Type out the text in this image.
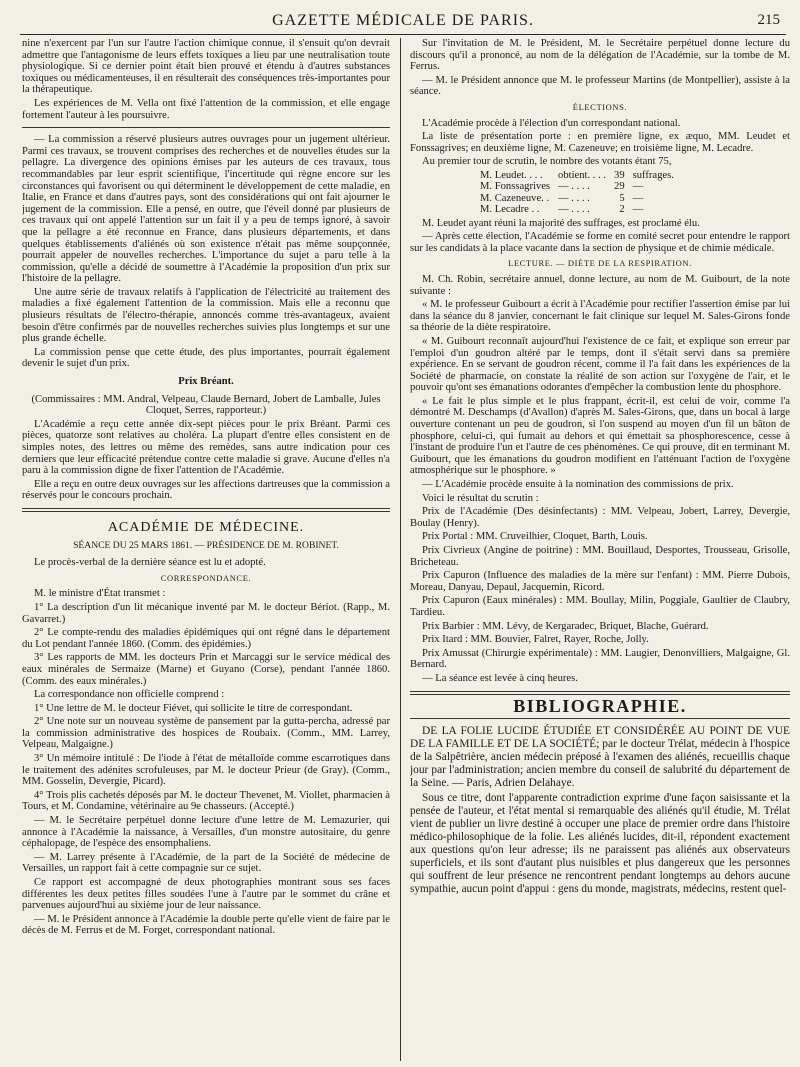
GAZETTE MÉDICALE DE PARIS.	215

nine n'exercent par l'un sur l'autre l'action chimique connue, il s'ensuit qu'on devrait admettre que l'antagonisme de leurs effets toxiques a lieu par une neutralisation toute physiologique. Si ce dernier point était bien prouvé et étendu à d'autres substances toxiques ou médicamenteuses, il en résulterait des conséquences très-importantes pour la thérapeutique.

Les expériences de M. Vella ont fixé l'attention de la commission, et elle engage fortement l'auteur à les poursuivre.

— La commission a réservé plusieurs autres ouvrages pour un jugement ultérieur. Parmi ces travaux, se trouvent comprises des recherches et de nouvelles études sur la pellagre. La divergence des opinions émises par les auteurs de ces travaux, tous recommandables par leur esprit scientifique, l'incertitude qui règne encore sur les circonstances qui favorisent ou qui déterminent le développement de cette maladie, en Italie, en France et dans d'autres pays, sont des considérations qui ont fait ajourner le jugement de la commission. Elle a pensé, en outre, que l'éveil donné par plusieurs de ces travaux qui ont appelé l'attention sur un fait il y a peu de temps ignoré, à savoir que la pellagre a été reconnue en France, dans plusieurs départements, et dans quelques établissements d'aliénés où son existence n'était pas même soupçonnée, pourrait appeler de nouvelles recherches. L'importance du sujet a paru telle à la commission, qu'elle a décidé de soumettre à l'Académie la proposition d'un prix sur l'histoire de la pellagre.

Une autre série de travaux relatifs à l'application de l'électricité au traitement des maladies a fixé également l'attention de la commission. Mais elle a reconnu que plusieurs résultats de l'électro-thérapie, annoncés comme très-avantageux, avaient besoin d'être confirmés par de nouvelles recherches suivies plus longtemps et sur une plus grande échelle.

La commission pense que cette étude, des plus importantes, pourrait également devenir le sujet d'un prix.

Prix Bréant.

(Commissaires : MM. Andral, Velpeau, Claude Bernard, Jobert de Lamballe, Jules Cloquet, Serres, rapporteur.)

L'Académie a reçu cette année dix-sept pièces pour le prix Bréant. Parmi ces pièces, quatorze sont relatives au choléra. La plupart d'entre elles consistent en de simples notes, des lettres ou même des remèdes, sans autre indication pour ces derniers que leur efficacité prétendue contre cette maladie si grave. Aucune d'elles n'a paru à la commission digne de fixer l'attention de l'Académie.

Elle a reçu en outre deux ouvrages sur les affections dartreuses que la commission a réservés pour le concours prochain.

ACADÉMIE DE MÉDECINE.
SÉANCE DU 25 MARS 1861. — PRÉSIDENCE DE M. ROBINET.

Le procès-verbal de la dernière séance est lu et adopté.

CORRESPONDANCE.

M. le ministre d'État transmet :

1° La description d'un lit mécanique inventé par M. le docteur Bériot. (Rapp., M. Gavarret.)

2° Le compte-rendu des maladies épidémiques qui ont régné dans le département du Lot pendant l'année 1860. (Comm. des épidémies.)

3° Les rapports de MM. les docteurs Prin et Marcaggi sur le service médical des eaux minérales de Sermaize (Marne) et Guyano (Corse), pendant l'année 1860. (Comm. des eaux minérales.)

La correspondance non officielle comprend :

1° Une lettre de M. le docteur Fiévet, qui sollicite le titre de correspondant.

2° Une note sur un nouveau système de pansement par la gutta-percha, adressé par la commission administrative des hospices de Roubaix. (Comm., MM. Larrey, Velpeau, Malgaigne.)

3° Un mémoire intitulé : De l'iode à l'état de métalloïde comme escarrotiques dans le traitement des adénites scrofuleuses, par M. le docteur Prieur (de Gray). (Comm., MM. Gosselin, Devergie, Picard).

4° Trois plis cachetés déposés par M. le docteur Thevenet, M. Viollet, pharmacien à Tours, et M. Condamine, vétérinaire au 9e chasseurs. (Accepté.)

— M. le Secrétaire perpétuel donne lecture d'une lettre de M. Lemazurier, qui annonce à l'Académie la naissance, à Versailles, d'un monstre autositaire, du genre céphalopage, de l'espèce des ensomphaliens.

— M. Larrey présente à l'Académie, de la part de la Société de médecine de Versailles, un rapport fait à cette compagnie sur ce sujet.

Ce rapport est accompagné de deux photographies montrant sous ses faces différentes les deux petites filles soudées l'une à l'autre par le sommet du crâne et parvenues aujourd'hui au sixième jour de leur naissance.

— M. le Président annonce à l'Académie la double perte qu'elle vient de faire par le décès de M. Ferrus et de M. Forget, correspondant national.

Sur l'invitation de M. le Président, M. le Secrétaire perpétuel donne lecture du discours qu'il a prononcé, au nom de la délégation de l'Académie, sur la tombe de M. Ferrus.

— M. le Président annonce que M. le professeur Martins (de Montpellier), assiste à la séance.

ÉLECTIONS.

L'Académie procède à l'élection d'un correspondant national.

La liste de présentation porte : en première ligne, ex æquo, MM. Leudet et Fonssagrives; en deuxième ligne, M. Cazeneuve; en troisième ligne, M. Lecadre.

Au premier tour de scrutin, le nombre des votants étant 75,

M. Leudet. . . .	obtient. . . .	39	suffrages.
M. Fonssagrives	— . . . .	29	—
M. Cazeneuve. .	— . . . .	5	—
M. Lecadre . .	— . . . .	2	—

M. Leudet ayant réuni la majorité des suffrages, est proclamé élu.

— Après cette élection, l'Académie se forme en comité secret pour entendre le rapport sur les candidats à la place vacante dans la section de physique et de chimie médicale.

LECTURE. — DIÈTE DE LA RESPIRATION.

M. Ch. Robin, secrétaire annuel, donne lecture, au nom de M. Guibourt, de la note suivante :

« M. le professeur Guibourt a écrit à l'Académie pour rectifier l'assertion émise par lui dans la séance du 8 janvier, concernant le fait clinique sur lequel M. Sales-Girons fonde sa théorie de la diète respiratoire.

« M. Guibourt reconnaît aujourd'hui l'existence de ce fait, et explique son erreur par l'emploi d'un goudron altéré par le temps, dont il s'était servi dans sa première expérience. En se servant de goudron récent, comme il l'a fait dans les expériences de la Société de pharmacie, on constate la réalité de son action sur l'oxygène de l'air, et le pouvoir qu'ont ses émanations odorantes d'empêcher la combustion lente du phosphore.

« Le fait le plus simple et le plus frappant, écrit-il, est celui de voir, comme l'a démontré M. Deschamps (d'Avallon) d'après M. Sales-Girons, que, dans un bocal à large ouverture contenant un peu de goudron, si l'on suspend au moyen d'un fil un bâton de phosphore, celui-ci, qui fumait au dehors et qui émettait sa phosphorescence, cesse à l'instant de produire l'un et l'autre de ces phénomènes. Ce qui prouve, dit en terminant M. Guibourt, que les émanations du goudron modifient en l'atténuant l'action de l'oxygène atmosphérique sur le phosphore. »

— L'Académie procède ensuite à la nomination des commissions de prix.

Voici le résultat du scrutin :

Prix de l'Académie (Des désinfectants) : MM. Velpeau, Jobert, Larrey, Devergie, Boulay (Henry).

Prix Portal : MM. Cruveilhier, Cloquet, Barth, Louis.

Prix Civrieux (Angine de poitrine) : MM. Bouillaud, Desportes, Trousseau, Grisolle, Bricheteau.

Prix Capuron (Influence des maladies de la mère sur l'enfant) : MM. Pierre Dubois, Moreau, Danyau, Depaul, Jacquemin, Ricord.

Prix Capuron (Eaux minérales) : MM. Boullay, Milin, Poggiale, Gaultier de Claubry, Tardieu.

Prix Barbier : MM. Lévy, de Kergaradec, Briquet, Blache, Guérard.

Prix Itard : MM. Bouvier, Falret, Rayer, Roche, Jolly.

Prix Amussat (Chirurgie expérimentale) : MM. Laugier, Denonvilliers, Malgaigne, Gl. Bernard.

— La séance est levée à cinq heures.

BIBLIOGRAPHIE.

DE LA FOLIE LUCIDE ÉTUDIÉE ET CONSIDÉRÉE AU POINT DE VUE DE LA FAMILLE ET DE LA SOCIÉTÉ; par le docteur Trélat, médecin à l'hospice de la Salpêtrière, ancien médecin préposé à l'examen des aliénés, recueillis chaque jour par l'administration; ancien membre du conseil de salubrité du département de la Seine. — Paris, Adrien Delahaye.

Sous ce titre, dont l'apparente contradiction exprime d'une façon saisissante et la pensée de l'auteur, et l'état mental si remarquable des aliénés qu'il étudie, M. Trélat vient de publier un livre destiné à occuper une place de premier ordre dans l'histoire médico-philosophique de la folie. Les aliénés lucides, dit-il, répondent exactement aux questions qu'on leur adresse; ils ne paraissent pas aliénés aux observateurs superficiels, et ils sont d'autant plus nuisibles et plus dangereux que les personnes qui souffrent de leur présence ne rencontrent pendant longtemps au dehors aucune sympathie, aucun point d'appui : gens du monde, magistrats, médecins, restent quel-
